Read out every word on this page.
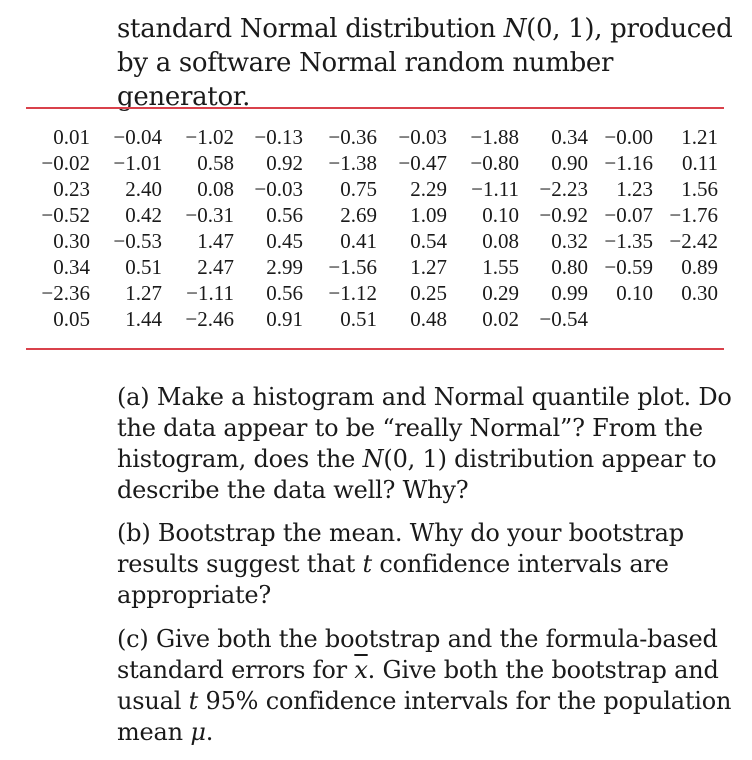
standard Normal distribution N(0, 1), produced by a software Normal random number generator.
0.01	−0.04	−1.02	−0.13	−0.36	−0.03	−1.88	0.34	−0.00	1.21
−0.02	−1.01	0.58	0.92	−1.38	−0.47	−0.80	0.90	−1.16	0.11
0.23	2.40	0.08	−0.03	0.75	2.29	−1.11	−2.23	1.23	1.56
−0.52	0.42	−0.31	0.56	2.69	1.09	0.10	−0.92	−0.07	−1.76
0.30	−0.53	1.47	0.45	0.41	0.54	0.08	0.32	−1.35	−2.42
0.34	0.51	2.47	2.99	−1.56	1.27	1.55	0.80	−0.59	0.89
−2.36	1.27	−1.11	0.56	−1.12	0.25	0.29	0.99	0.10	0.30
0.05	1.44	−2.46	0.91	0.51	0.48	0.02	−0.54		
(a) Make a histogram and Normal quantile plot. Do the data appear to be “really Normal”? From the histogram, does the N(0, 1) distribution appear to describe the data well? Why?
(b) Bootstrap the mean. Why do your bootstrap results suggest that t confidence intervals are appropriate?
(c) Give both the bootstrap and the formula-based standard errors for $\overline{x}$. Give both the bootstrap and usual t 95% confidence intervals for the population mean μ.
